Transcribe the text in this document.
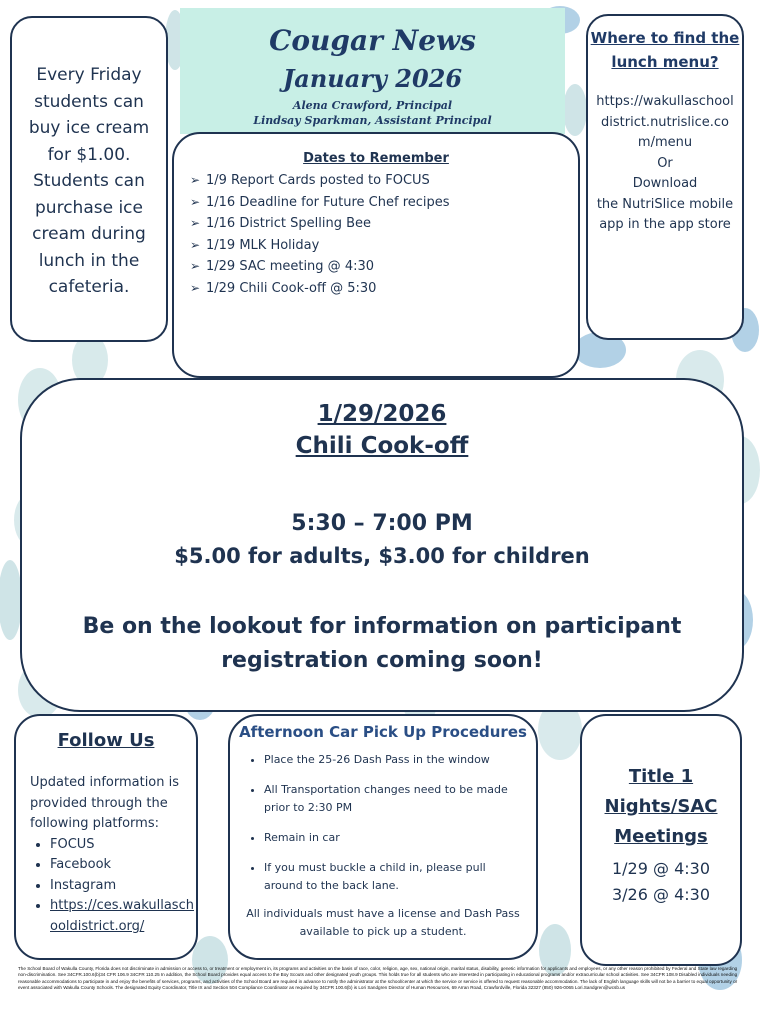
Cougar News
January 2026
Alena Crawford, Principal
Lindsay Sparkman, Assistant Principal

Every Friday students can buy ice cream for $1.00. Students can purchase ice cream during lunch in the cafeteria.

Where to find the lunch menu?
https://wakullaschooldistrict.nutrislice.com/menu
Or
Download
the NutriSlice mobile app in the app store
Dates to Remember
➢ 1/9 Report Cards posted to FOCUS
➢ 1/16 Deadline for Future Chef recipes
➢ 1/16 District Spelling Bee
➢ 1/19 MLK Holiday
➢ 1/29 SAC meeting @ 4:30
➢ 1/29 Chili Cook-off @ 5:30
1/29/2026
Chili Cook-off
5:30 – 7:00 PM
$5.00 for adults, $3.00 for children
Be on the lookout for information on participant registration coming soon!
Follow Us
Updated information is provided through the following platforms:
• FOCUS
• Facebook
• Instagram
• https://ces.wakullaschooldistrict.org/
Afternoon Car Pick Up Procedures
• Place the 25-26 Dash Pass in the window
• All Transportation changes need to be made prior to 2:30 PM
• Remain in car
• If you must buckle a child in, please pull around to the back lane.
All individuals must have a license and Dash Pass available to pick up a student.
Title 1 Nights/SAC Meetings
1/29 @ 4:30
3/26 @ 4:30
The School Board of Wakulla County, Florida does not discriminate in admission or access to, or treatment or employment in, its programs and activities on the basis of race, color, religion, age, sex, national origin, marital status, disability, genetic information for applicants and employees, or any other reason prohibited by Federal and State law regarding non-discrimination. See 34CFR.100.6(b)34 CFR 106.9 34CFR 110.25 In addition, the School Board provides equal access to the Boy Scouts and other designated youth groups. This holds true for all students who are interested in participating in educational programs and/or extracurricular school activities. See 34CFR 108.9 Disabled individuals needing reasonable accommodations to participate in and enjoy the benefits of services, programs, and activities of the School Board are required in advance to notify the administrator at the school/center at which the service or service is offered to request reasonable accommodation. The lack of English language skills will not be a barrier to equal opportunity or event associated with Wakulla County Schools. The designated Equity Coordinator, Title IX and Section 504 Compliance Coordinator as required by 34CFR 100.6(b) is Lori Sandgren Director of Human Resources, 69 Arran Road, Crawfordville, Florida 32327 (850) 926-0065 Lori.Sandgren@wcsb.us
